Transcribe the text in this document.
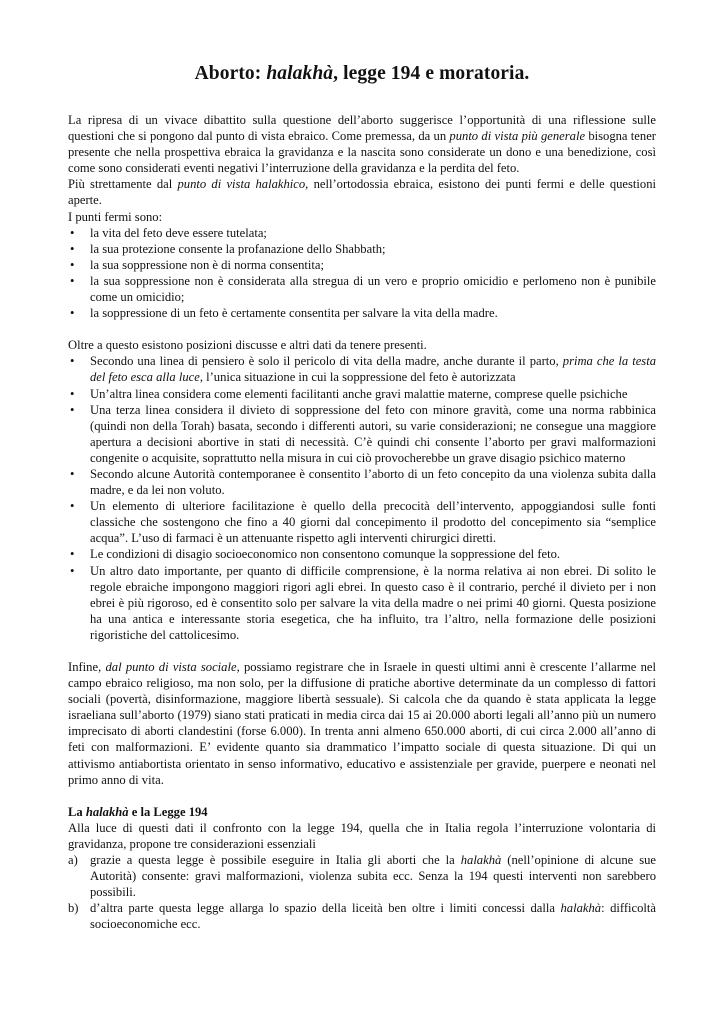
Aborto: halakhà, legge 194 e moratoria.

La ripresa di un vivace dibattito sulla questione dell’aborto suggerisce l’opportunità di una riflessione sulle questioni che si pongono dal punto di vista ebraico. Come premessa, da un punto di vista più generale bisogna tener presente che nella prospettiva ebraica la gravidanza e la nascita sono considerate un dono e una benedizione, così come sono considerati eventi negativi l’interruzione della gravidanza e la perdita del feto.

Più strettamente dal punto di vista halakhico, nell’ortodossia ebraica, esistono dei punti fermi e delle questioni aperte.

I punti fermi sono:

• la vita del feto deve essere tutelata;
• la sua protezione consente la profanazione dello Shabbath;
• la sua soppressione non è di norma consentita;
• la sua soppressione non è considerata alla stregua di un vero e proprio omicidio e perlomeno non è punibile come un omicidio;
• la soppressione di un feto è certamente consentita per salvare la vita della madre.

Oltre a questo esistono posizioni discusse e altri dati da tenere presenti.

• Secondo una linea di pensiero è solo il pericolo di vita della madre, anche durante il parto, prima che la testa del feto esca alla luce, l’unica situazione in cui la soppressione del feto è autorizzata
• Un’altra linea considera come elementi facilitanti anche gravi malattie materne, comprese quelle psichiche
• Una terza linea considera il divieto di soppressione del feto con minore gravità, come una norma rabbinica (quindi non della Torah) basata, secondo i differenti autori, su varie considerazioni; ne consegue una maggiore apertura a decisioni abortive in stati di necessità. C’è quindi chi consente l’aborto per gravi malformazioni congenite o acquisite, soprattutto nella misura in cui ciò provocherebbe un grave disagio psichico materno
• Secondo alcune Autorità contemporanee è consentito l’aborto di un feto concepito da una violenza subita dalla madre, e da lei non voluto.
• Un elemento di ulteriore facilitazione è quello della precocità dell’intervento, appoggiandosi sulle fonti classiche che sostengono che fino a 40 giorni dal concepimento il prodotto del concepimento sia “semplice acqua”. L’uso di farmaci è un attenuante rispetto agli interventi chirurgici diretti.
• Le condizioni di disagio socioeconomico non consentono comunque la soppressione del feto.
• Un altro dato importante, per quanto di difficile comprensione, è la norma relativa ai non ebrei. Di solito le regole ebraiche impongono maggiori rigori agli ebrei. In questo caso è il contrario, perché il divieto per i non ebrei è più rigoroso, ed è consentito solo per salvare la vita della madre o nei primi 40 giorni. Questa posizione ha una antica e interessante storia esegetica, che ha influito, tra l’altro, nella formazione delle posizioni rigoristiche del cattolicesimo.

Infine, dal punto di vista sociale, possiamo registrare che in Israele in questi ultimi anni è crescente l’allarme nel campo ebraico religioso, ma non solo, per la diffusione di pratiche abortive determinate da un complesso di fattori sociali (povertà, disinformazione, maggiore libertà sessuale). Si calcola che da quando è stata applicata la legge israeliana sull’aborto (1979) siano stati praticati in media circa dai 15 ai 20.000 aborti legali all’anno più un numero imprecisato di aborti clandestini (forse 6.000). In trenta anni almeno 650.000 aborti, di cui circa 2.000 all’anno di feti con malformazioni. E’ evidente quanto sia drammatico l’impatto sociale di questa situazione. Di qui un attivismo antiabortista orientato in senso informativo, educativo e assistenziale per gravide, puerpere e neonati nel primo anno di vita.

La halakhà e la Legge 194

Alla luce di questi dati il confronto con la legge 194, quella che in Italia regola l’interruzione volontaria di gravidanza, propone tre considerazioni essenziali

a) grazie a questa legge è possibile eseguire in Italia gli aborti che la halakhà (nell’opinione di alcune sue Autorità) consente: gravi malformazioni, violenza subita ecc. Senza la 194 questi interventi non sarebbero possibili.
b) d’altra parte questa legge allarga lo spazio della liceità ben oltre i limiti concessi dalla halakhà: difficoltà socioeconomiche ecc.
